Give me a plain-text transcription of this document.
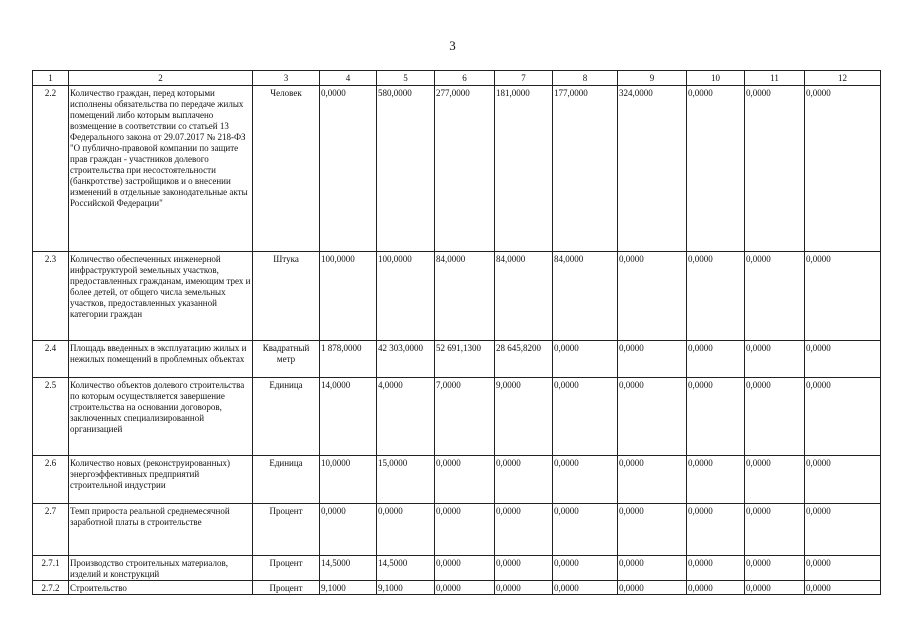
3
1	2	3	4	5	6	7	8	9	10	11	12
2.2	Количество граждан, перед которыми исполнены обязательства по передаче жилых помещений либо которым выплачено возмещение в соответствии со статьей 13 Федерального закона от 29.07.2017 № 218-ФЗ "О публично-правовой компании по защите прав граждан - участников долевого строительства при несостоятельности (банкротстве) застройщиков и о внесении изменений в отдельные законодательные акты Российской Федерации"	Человек	0,0000	580,0000	277,0000	181,0000	177,0000	324,0000	0,0000	0,0000	0,0000
2.3	Количество обеспеченных инженерной инфраструктурой земельных участков, предоставленных гражданам, имеющим трех и более детей, от общего числа земельных участков, предоставленных указанной категории граждан	Штука	100,0000	100,0000	84,0000	84,0000	84,0000	0,0000	0,0000	0,0000	0,0000
2.4	Площадь введенных в эксплуатацию жилых и нежилых помещений в проблемных объектах	Квадратный метр	1 878,0000	42 303,0000	52 691,1300	28 645,8200	0,0000	0,0000	0,0000	0,0000	0,0000
2.5	Количество объектов долевого строительства по которым осуществляется завершение строительства на основании договоров, заключенных специализированной организацией	Единица	14,0000	4,0000	7,0000	9,0000	0,0000	0,0000	0,0000	0,0000	0,0000
2.6	Количество новых (реконструированных) энергоэффективных предприятий строительной индустрии	Единица	10,0000	15,0000	0,0000	0,0000	0,0000	0,0000	0,0000	0,0000	0,0000
2.7	Темп прироста реальной среднемесячной заработной платы в строительстве	Процент	0,0000	0,0000	0,0000	0,0000	0,0000	0,0000	0,0000	0,0000	0,0000
2.7.1	Производство строительных материалов, изделий и конструкций	Процент	14,5000	14,5000	0,0000	0,0000	0,0000	0,0000	0,0000	0,0000	0,0000
2.7.2	Строительство	Процент	9,1000	9,1000	0,0000	0,0000	0,0000	0,0000	0,0000	0,0000	0,0000
